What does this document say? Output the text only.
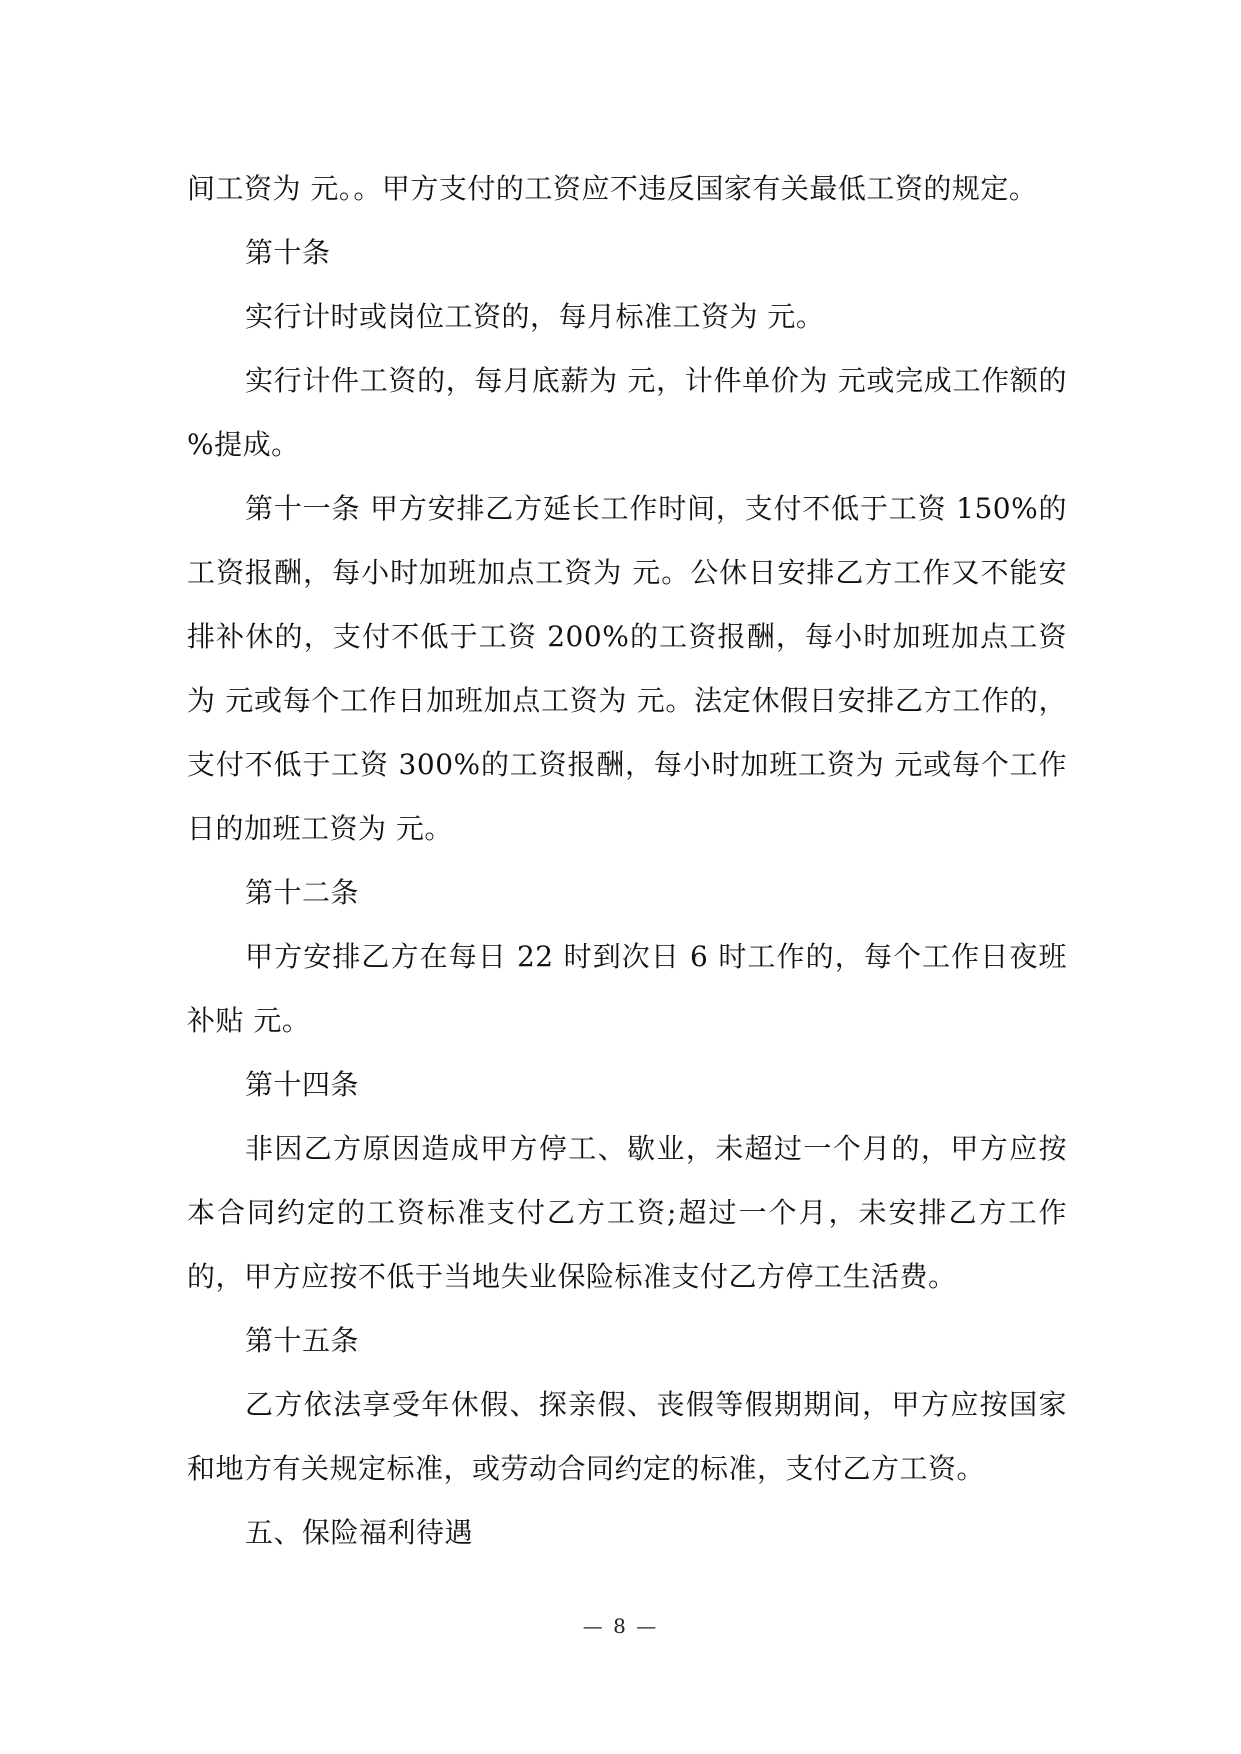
间工资为 元。。甲方支付的工资应不违反国家有关最低工资的规定。

第十条

实行计时或岗位工资的，每月标准工资为 元。

实行计件工资的，每月底薪为 元，计件单价为 元或完成工作额的 %提成。

第十一条 甲方安排乙方延长工作时间，支付不低于工资 150%的工资报酬，每小时加班加点工资为 元。公休日安排乙方工作又不能安排补休的，支付不低于工资 200%的工资报酬，每小时加班加点工资为 元或每个工作日加班加点工资为 元。法定休假日安排乙方工作的，支付不低于工资 300%的工资报酬，每小时加班工资为 元或每个工作日的加班工资为 元。

第十二条

甲方安排乙方在每日 22 时到次日 6 时工作的，每个工作日夜班补贴 元。

第十四条

非因乙方原因造成甲方停工、歇业，未超过一个月的，甲方应按本合同约定的工资标准支付乙方工资;超过一个月，未安排乙方工作的，甲方应按不低于当地失业保险标准支付乙方停工生活费。

第十五条

乙方依法享受年休假、探亲假、丧假等假期期间，甲方应按国家和地方有关规定标准，或劳动合同约定的标准，支付乙方工资。

五、保险福利待遇

— 8 —
